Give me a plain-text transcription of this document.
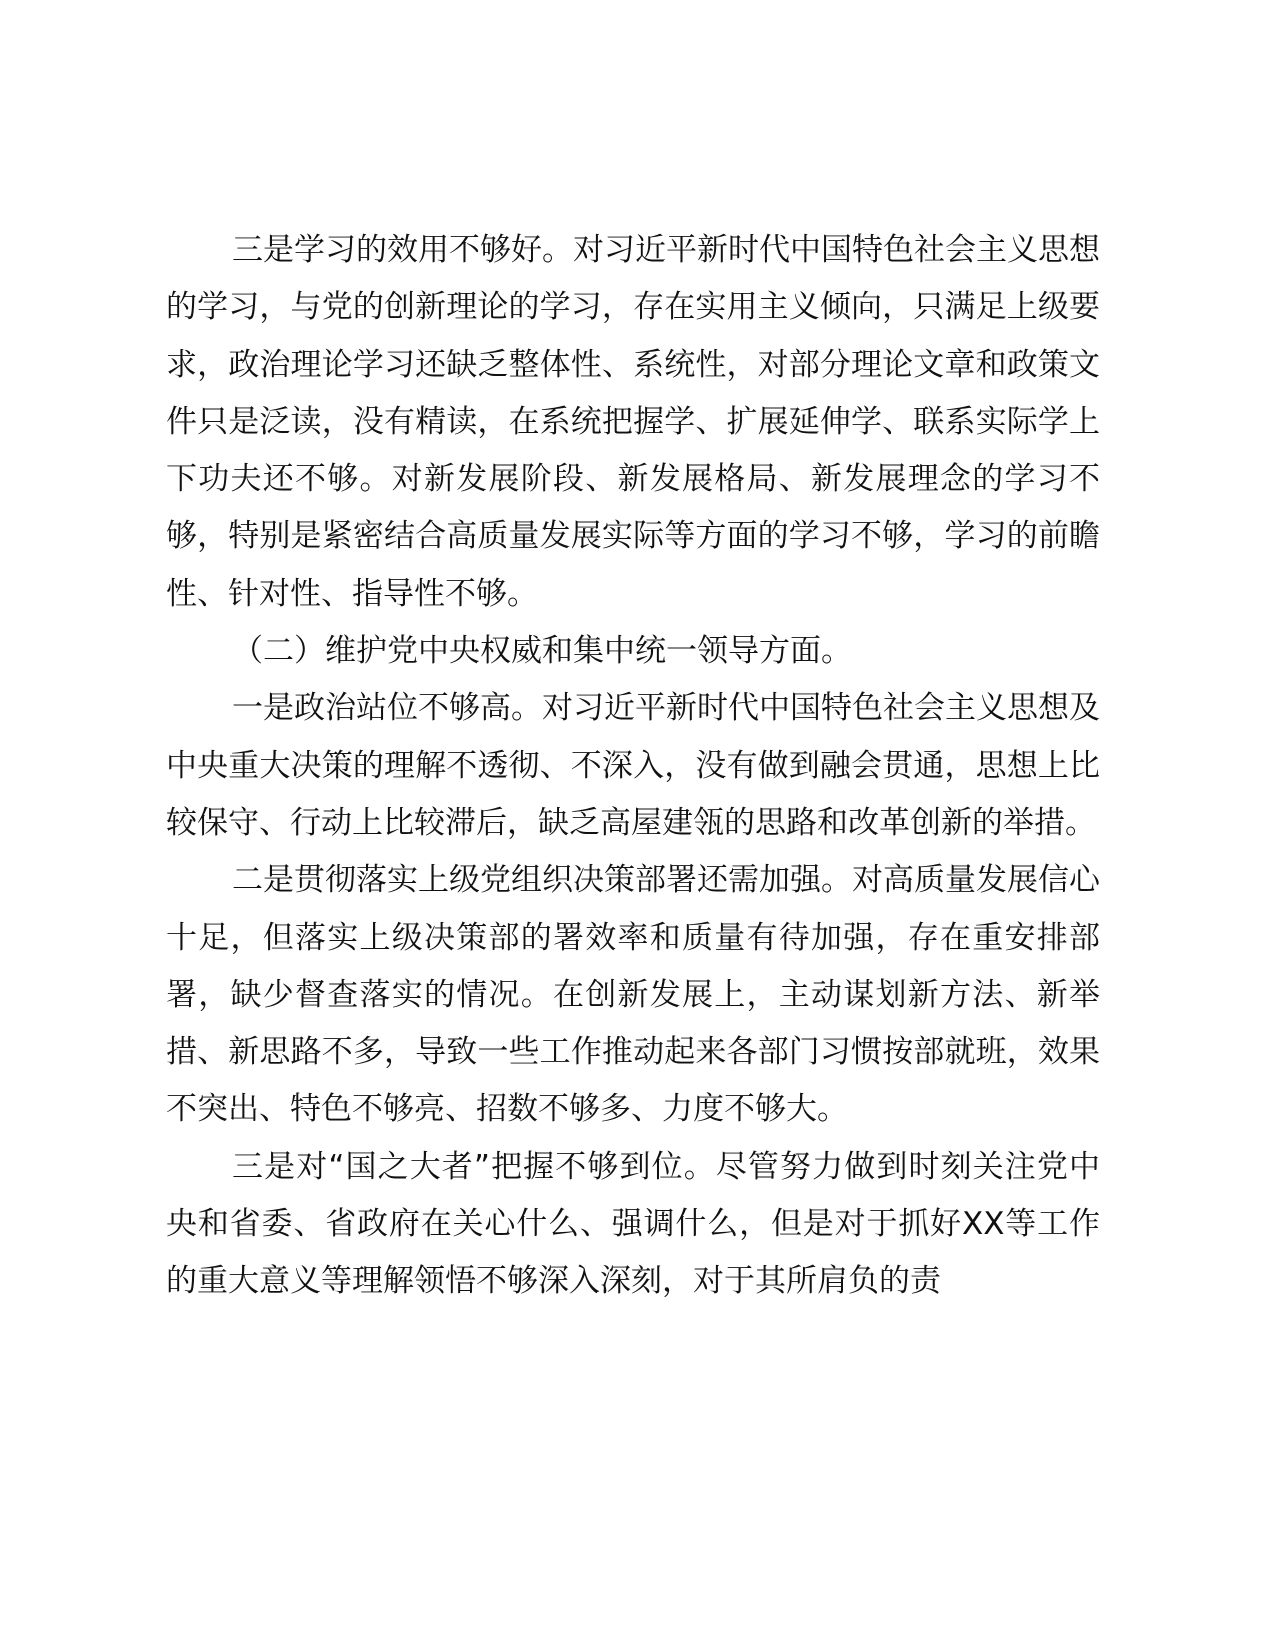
三是学习的效用不够好。对习近平新时代中国特色社会主义思想的学习，与党的创新理论的学习，存在实用主义倾向，只满足上级要求，政治理论学习还缺乏整体性、系统性，对部分理论文章和政策文件只是泛读，没有精读，在系统把握学、扩展延伸学、联系实际学上下功夫还不够。对新发展阶段、新发展格局、新发展理念的学习不够，特别是紧密结合高质量发展实际等方面的学习不够，学习的前瞻性、针对性、指导性不够。

（二）维护党中央权威和集中统一领导方面。

一是政治站位不够高。对习近平新时代中国特色社会主义思想及中央重大决策的理解不透彻、不深入，没有做到融会贯通，思想上比较保守、行动上比较滞后，缺乏高屋建瓴的思路和改革创新的举措。

二是贯彻落实上级党组织决策部署还需加强。对高质量发展信心十足，但落实上级决策部的署效率和质量有待加强，存在重安排部署，缺少督查落实的情况。在创新发展上，主动谋划新方法、新举措、新思路不多，导致一些工作推动起来各部门习惯按部就班，效果不突出、特色不够亮、招数不够多、力度不够大。

三是对“国之大者”把握不够到位。尽管努力做到时刻关注党中央和省委、省政府在关心什么、强调什么，但是对于抓好XX等工作的重大意义等理解领悟不够深入深刻，对于其所肩负的责
